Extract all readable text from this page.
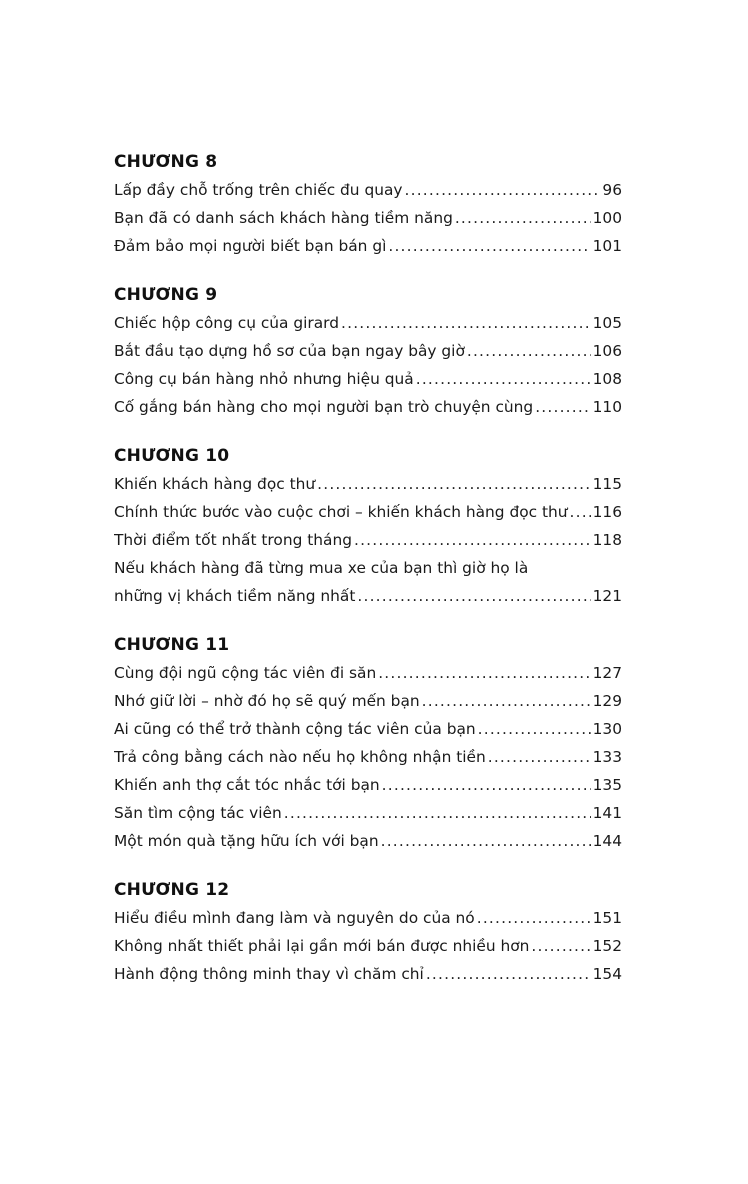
CHƯƠNG 8
Lấp đầy chỗ trống trên chiếc đu quay .....	96
Bạn đã có danh sách khách hàng tiềm năng .....	100
Đảm bảo mọi người biết bạn bán gì .....	101
CHƯƠNG 9
Chiếc hộp công cụ của girard .....	105
Bắt đầu tạo dựng hồ sơ của bạn ngay bây giờ .....	106
Công cụ bán hàng nhỏ nhưng hiệu quả .....	108
Cố gắng bán hàng cho mọi người bạn trò chuyện cùng .....	110
CHƯƠNG 10
Khiến khách hàng đọc thư .....	115
Chính thức bước vào cuộc chơi – khiến khách hàng đọc thư ..... 116
Thời điểm tốt nhất trong tháng .....	118
Nếu khách hàng đã từng mua xe của bạn thì giờ họ là
những vị khách tiềm năng nhất .....	121
CHƯƠNG 11
Cùng đội ngũ cộng tác viên đi săn .....	127
Nhớ giữ lời – nhờ đó họ sẽ quý mến bạn .....	129
Ai cũng có thể trở thành cộng tác viên của bạn .....	130
Trả công bằng cách nào nếu họ không nhận tiền .....	133
Khiến anh thợ cắt tóc nhắc tới bạn .....	135
Săn tìm cộng tác viên .....	141
Một món quà tặng hữu ích với bạn .....	144
CHƯƠNG 12
Hiểu điều mình đang làm và nguyên do của nó .....	151
Không nhất thiết phải lại gần mới bán được nhiều hơn .....	152
Hành động thông minh thay vì chăm chỉ .....	154
